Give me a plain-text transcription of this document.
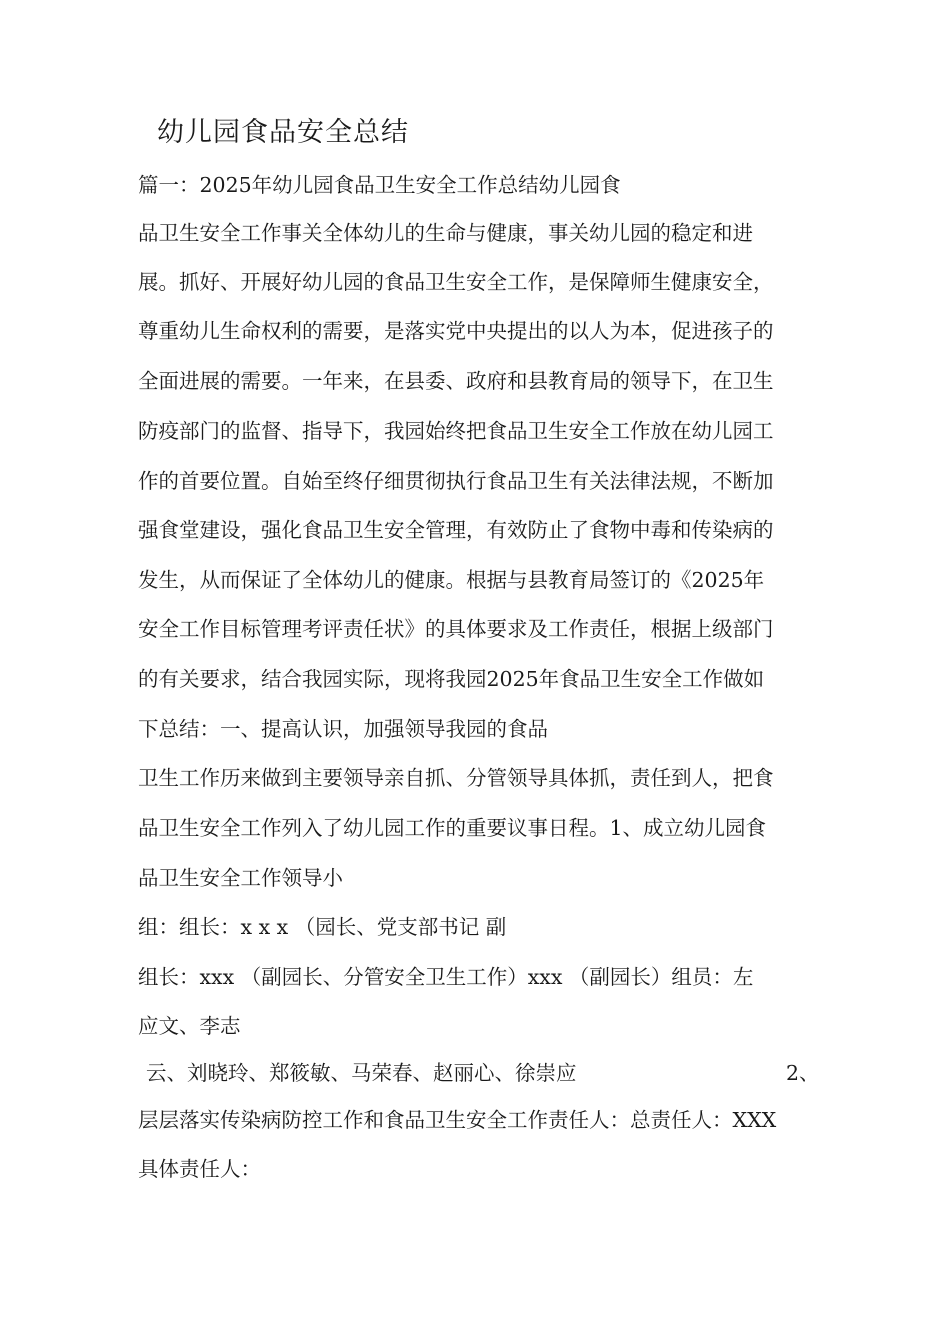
幼儿园食品安全总结
篇一：2025年幼儿园食品卫生安全工作总结幼儿园食
品卫生安全工作事关全体幼儿的生命与健康，事关幼儿园的稳定和进
展。抓好、开展好幼儿园的食品卫生安全工作，是保障师生健康安全，
尊重幼儿生命权利的需要，是落实党中央提出的以人为本，促进孩子的
全面进展的需要。一年来，在县委、政府和县教育局的领导下，在卫生
防疫部门的监督、指导下，我园始终把食品卫生安全工作放在幼儿园工
作的首要位置。自始至终仔细贯彻执行食品卫生有关法律法规，不断加
强食堂建设，强化食品卫生安全管理，有效防止了食物中毒和传染病的
发生，从而保证了全体幼儿的健康。根据与县教育局签订的《2025年
安全工作目标管理考评责任状》的具体要求及工作责任，根据上级部门
的有关要求，结合我园实际，现将我园2025年食品卫生安全工作做如
下总结：一、提高认识，加强领导我园的食品
卫生工作历来做到主要领导亲自抓、分管领导具体抓，责任到人，把食
品卫生安全工作列入了幼儿园工作的重要议事日程。1、成立幼儿园食
品卫生安全工作领导小
组：组长：x x x （园长、党支部书记 副
组长：xxx （副园长、分管安全卫生工作）xxx （副园长）组员：左
应文、李志
云、刘晓玲、郑筱敏、马荣春、赵丽心、徐崇应	2、
层层落实传染病防控工作和食品卫生安全工作责任人：总责任人：XXX
具体责任人：
